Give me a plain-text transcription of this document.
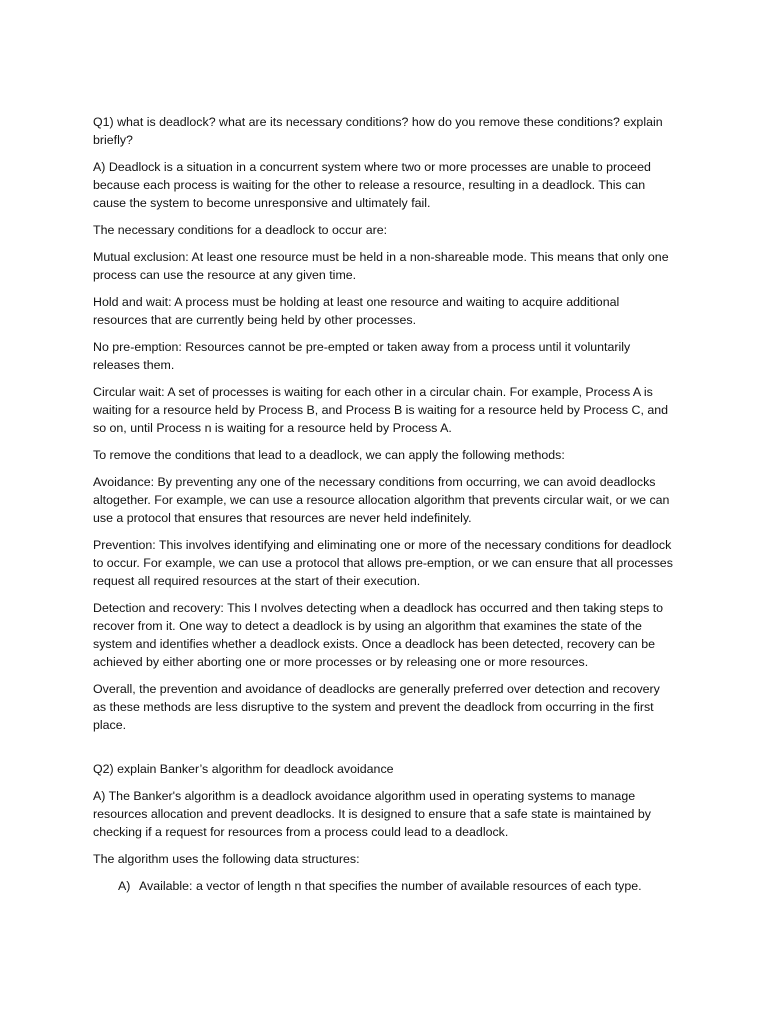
Q1) what is deadlock? what are its necessary conditions? how do you remove these conditions? explain briefly?

A) Deadlock is a situation in a concurrent system where two or more processes are unable to proceed because each process is waiting for the other to release a resource, resulting in a deadlock. This can cause the system to become unresponsive and ultimately fail.

The necessary conditions for a deadlock to occur are:

Mutual exclusion: At least one resource must be held in a non-shareable mode. This means that only one process can use the resource at any given time.

Hold and wait: A process must be holding at least one resource and waiting to acquire additional resources that are currently being held by other processes.

No pre-emption: Resources cannot be pre-empted or taken away from a process until it voluntarily releases them.

Circular wait: A set of processes is waiting for each other in a circular chain. For example, Process A is waiting for a resource held by Process B, and Process B is waiting for a resource held by Process C, and so on, until Process n is waiting for a resource held by Process A.

To remove the conditions that lead to a deadlock, we can apply the following methods:

Avoidance: By preventing any one of the necessary conditions from occurring, we can avoid deadlocks altogether. For example, we can use a resource allocation algorithm that prevents circular wait, or we can use a protocol that ensures that resources are never held indefinitely.

Prevention: This involves identifying and eliminating one or more of the necessary conditions for deadlock to occur. For example, we can use a protocol that allows pre-emption, or we can ensure that all processes request all required resources at the start of their execution.

Detection and recovery: This I nvolves detecting when a deadlock has occurred and then taking steps to recover from it. One way to detect a deadlock is by using an algorithm that examines the state of the system and identifies whether a deadlock exists. Once a deadlock has been detected, recovery can be achieved by either aborting one or more processes or by releasing one or more resources.

Overall, the prevention and avoidance of deadlocks are generally preferred over detection and recovery as these methods are less disruptive to the system and prevent the deadlock from occurring in the first place.

Q2) explain Banker’s algorithm for deadlock avoidance

A) The Banker's algorithm is a deadlock avoidance algorithm used in operating systems to manage resources allocation and prevent deadlocks. It is designed to ensure that a safe state is maintained by checking if a request for resources from a process could lead to a deadlock.

The algorithm uses the following data structures:

A) Available: a vector of length n that specifies the number of available resources of each type.
